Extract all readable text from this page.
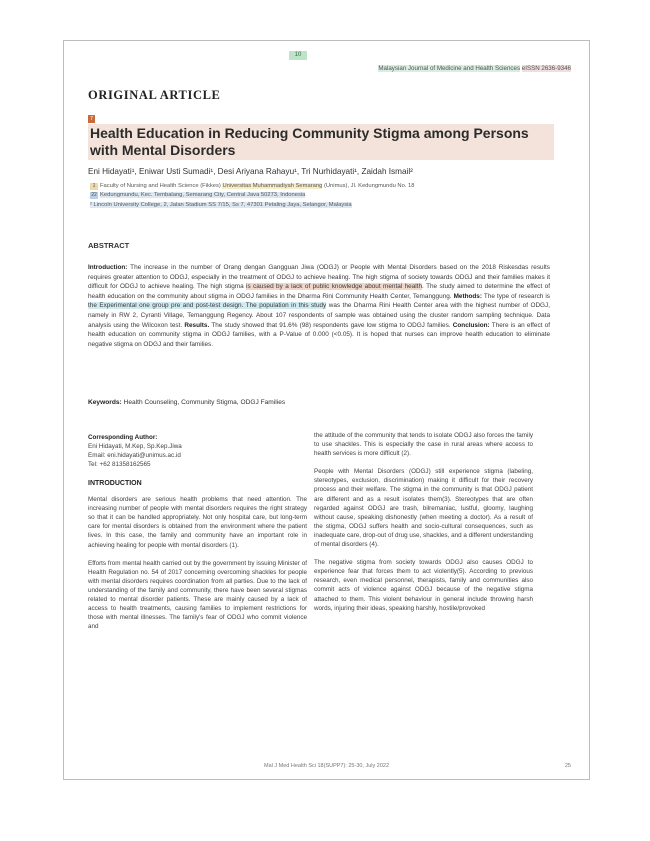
10
Malaysian Journal of Medicine and Health Sciences eISSN 2636-9346
ORIGINAL ARTICLE
7
Health Education in Reducing Community Stigma among Persons with Mental Disorders
Eni Hidayati¹, Eniwar Usti Sumadi¹, Desi Ariyana Rahayu¹, Tri Nurhidayati¹, Zaidah Ismail²
1 Faculty of Nursing and Health Science (Fikkes) Universitas Muhammadiyah Semarang (Unimus), Jl. Kedungmundu No. 18
22 Kedungmundu, Kec. Tembalang, Semarang City, Central Java 50273, Indonesia
² Lincoln University College, 2, Jalan Stadium SS 7/15, Ss 7, 47301 Petaling Jaya, Selangor, Malaysia
ABSTRACT
Introduction: The increase in the number of Orang dengan Gangguan Jiwa (ODGJ) or People with Mental Disorders based on the 2018 Riskesdas results requires greater attention to ODGJ, especially in the treatment of ODGJ to achieve healing. The high stigma of society towards ODGJ and their families makes it difficult for ODGJ to achieve healing. The high stigma is caused by a lack of public knowledge about mental health. The study aimed to determine the effect of health education on the community about stigma in ODGJ families in the Dharma Rini Community Health Center, Temanggung. Methods: The type of research is the Experimental one group pre and post-test design. The population in this study was the Dharma Rini Health Center area with the highest number of ODGJ, namely in RW 2, Cyranti Village, Temanggung Regency. About 107 respondents of sample was obtained using the cluster random sampling technique. Data analysis using the Wilcoxon test. Results. The study showed that 91.6% (98) respondents gave low stigma to ODGJ families. Conclusion: There is an effect of health education on community stigma in ODGJ families, with a P-Value of 0.000 (<0.05). It is hoped that nurses can improve health education to eliminate negative stigma on ODGJ and their families.
Keywords: Health Counseling, Community Stigma, ODGJ Families
Corresponding Author:
Eni Hidayati, M.Kep, Sp.Kep.Jiwa
Email: eni.hidayati@unimus.ac.id
Tel: +62 81358162565
INTRODUCTION

Mental disorders are serious health problems that need attention. The increasing number of people with mental disorders requires the right strategy so that it can be handled appropriately. Not only hospital care, but long-term care for mental disorders is obtained from the environment where the patient lives. In this case, the family and community have an important role in achieving healing for people with mental disorders (1).

Efforts from mental health carried out by the government by issuing Minister of Health Regulation no. 54 of 2017 concerning overcoming shackles for people with mental disorders requires coordination from all parties. Due to the lack of understanding of the family and community, there have been several stigmas related to mental disorder patients. These are mainly caused by a lack of access to health treatments, causing families to implement restrictions for those with mental illnesses. The family's fear of ODGJ who commit violence and

the attitude of the community that tends to isolate ODGJ also forces the family to use shackles. This is especially the case in rural areas where access to health services is more difficult (2).

People with Mental Disorders (ODGJ) still experience stigma (labeling, stereotypes, exclusion, discrimination) making it difficult for their recovery process and their welfare. The stigma in the community is that ODGJ patient are different and as a result isolates them(3). Stereotypes that are often regarded against ODGJ are trash, bilremaniac, lustful, gloomy, laughing without cause, speaking dishonestly (when meeting a doctor). As a result of the stigma, ODGJ suffers health and socio-cultural consequences, such as inadequate care, drop-out of drug use, shackles, and a different understanding of mental disorders (4).

The negative stigma from society towards ODGJ also causes ODGJ to experience fear that forces them to act violently(5). According to previous research, even medical personnel, therapists, family and communities also commit acts of violence against ODGJ because of the negative stigma attached to them. This violent behaviour in general include throwing harsh words, injuring their ideas, speaking harshly, hostile/provoked

Mal J Med Health Sci 18(SUPP7): 25-30, July 2022	25
